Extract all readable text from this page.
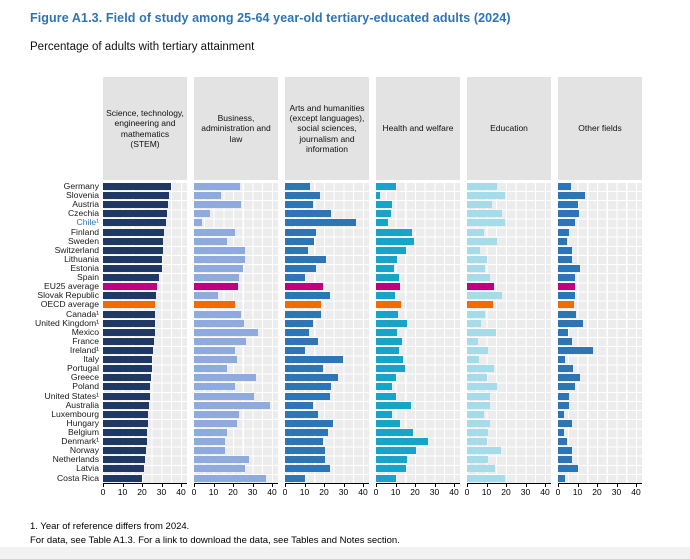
Figure A1.3. Field of study among 25-64 year-old tertiary-educated adults (2024)
Percentage of adults with tertiary attainment
Germany
Slovenia
Austria
Czechia
Chile¹
Finland
Sweden
Switzerland
Lithuania
Estonia
Spain
EU25 average
Slovak Republic
OECD average
Canada¹
United Kingdom¹
Mexico
France
Ireland¹
Italy
Portugal
Greece
Poland
United States¹
Australia
Luxembourg
Hungary
Belgium
Denmark¹
Norway
Netherlands
Latvia
Costa Rica
Science, technology, engineering and mathematics (STEM)
0 10 20 30 40
Business, administration and law
0 10 20 30 40
Arts and humanities (except languages), social sciences, journalism and information
0 10 20 30 40
Health and welfare
0 10 20 30 40
Education
0 10 20 30 40
Other fields
0 10 20 30 40
1. Year of reference differs from 2024.
For data, see Table A1.3. For a link to download the data, see Tables and Notes section.
